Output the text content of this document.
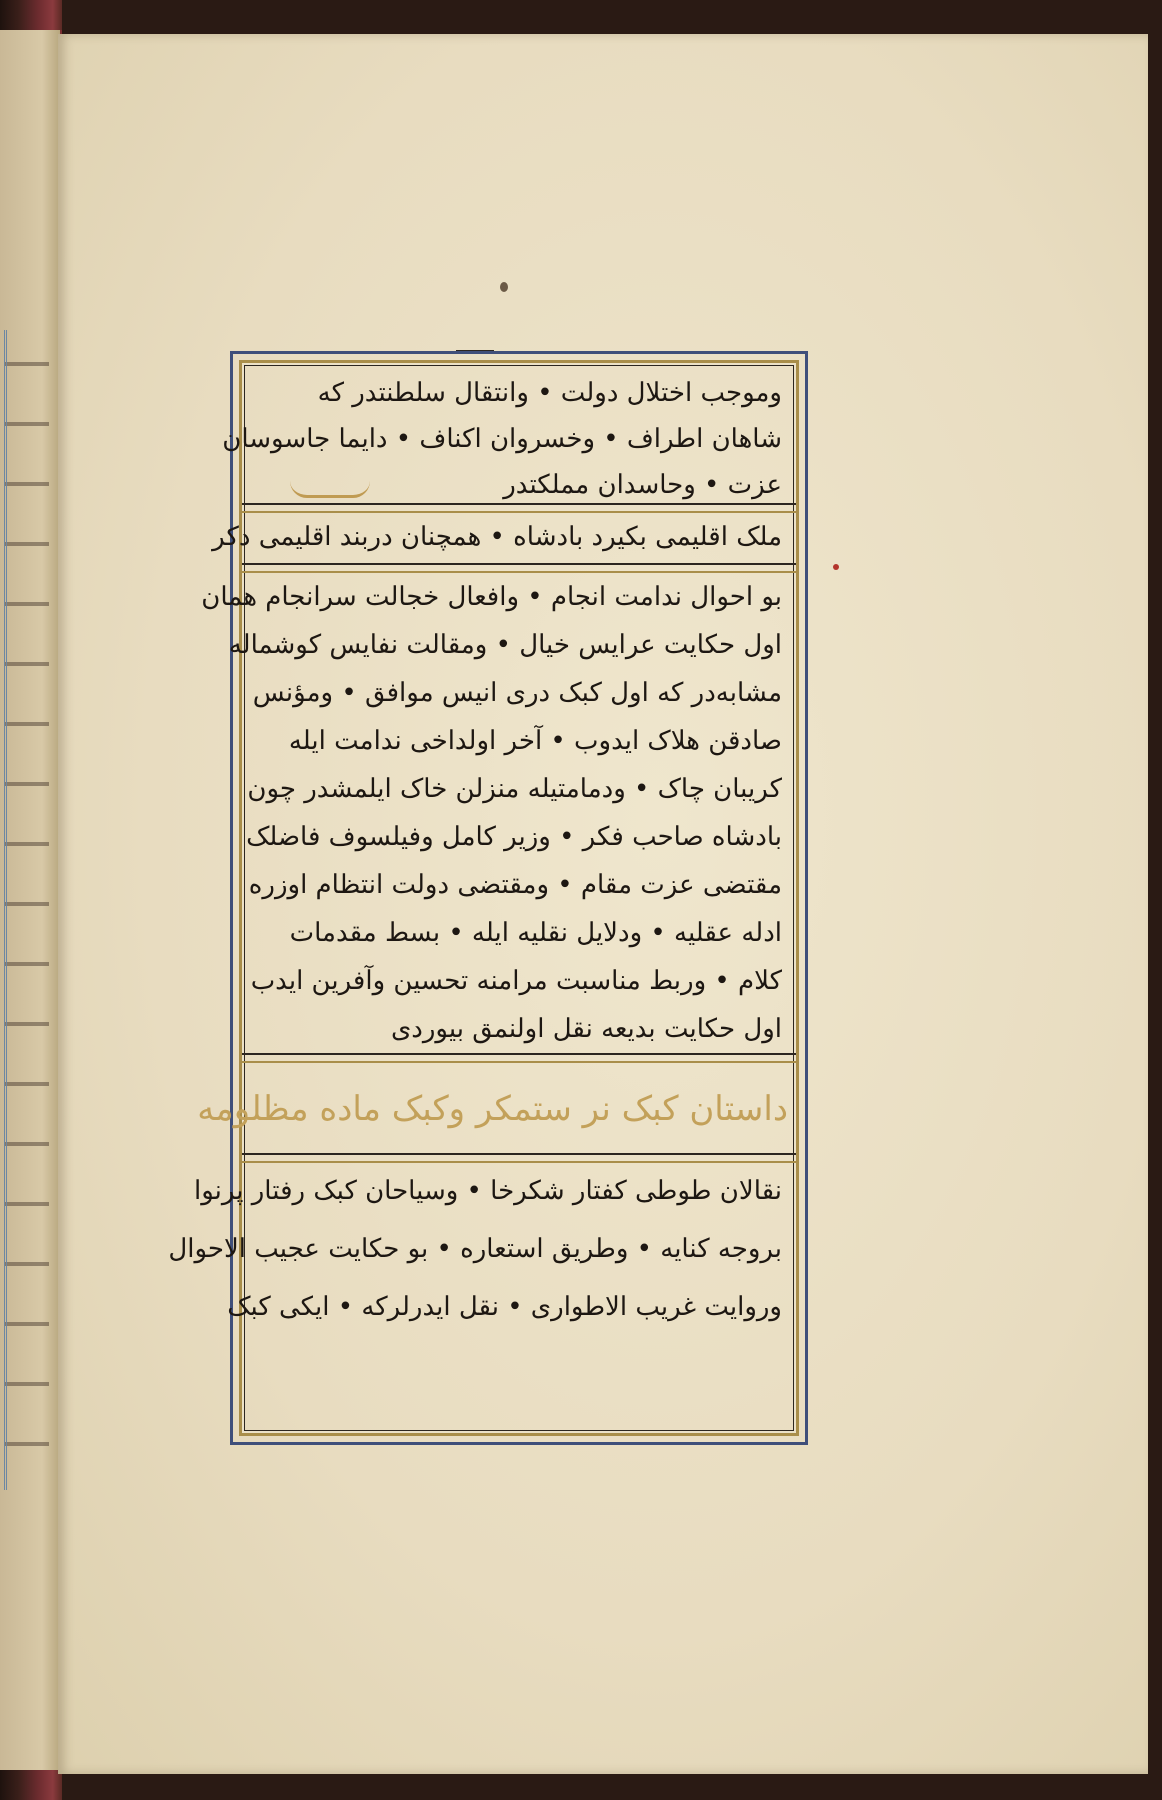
وموجب اختلال دولت • وانتقال سلطنتدر که
شاهان اطراف • وخسروان اکناف • دایما جاسوسان
عزت • وحاسدان مملکتدر
ملک اقلیمی بکیرد بادشاه • همچنان دربند اقلیمی دکر
بو احوال ندامت انجام • وافعال خجالت سرانجام همان
اول حکایت عرایس خیال • ومقالت نفایس کوشماله
مشابه‌در که اول کبک دری انیس موافق • ومؤنس
صادقن هلاک ایدوب • آخر اولداخی ندامت ایله
کریبان چاک • ودمامتیله منزلن خاک ایلمشدر چون
بادشاه صاحب فکر • وزیر کامل وفیلسوف فاضلک
مقتضی عزت مقام • ومقتضی دولت انتظام اوزره
ادله عقلیه • ودلایل نقلیه ایله • بسط مقدمات
کلام • وربط مناسبت مرامنه تحسین وآفرین ایدب
اول حکایت بدیعه نقل اولنمق بیوردی
داستان کبک نر ستمکر وکبک ماده مظلومه
نقالان طوطی کفتار شکرخا • وسیاحان کبک رفتار پرنوا
بروجه کنایه • وطریق استعاره • بو حکایت عجیب الاحوال
وروایت غریب الاطواری • نقل ایدرلرکه • ایکی کبک
